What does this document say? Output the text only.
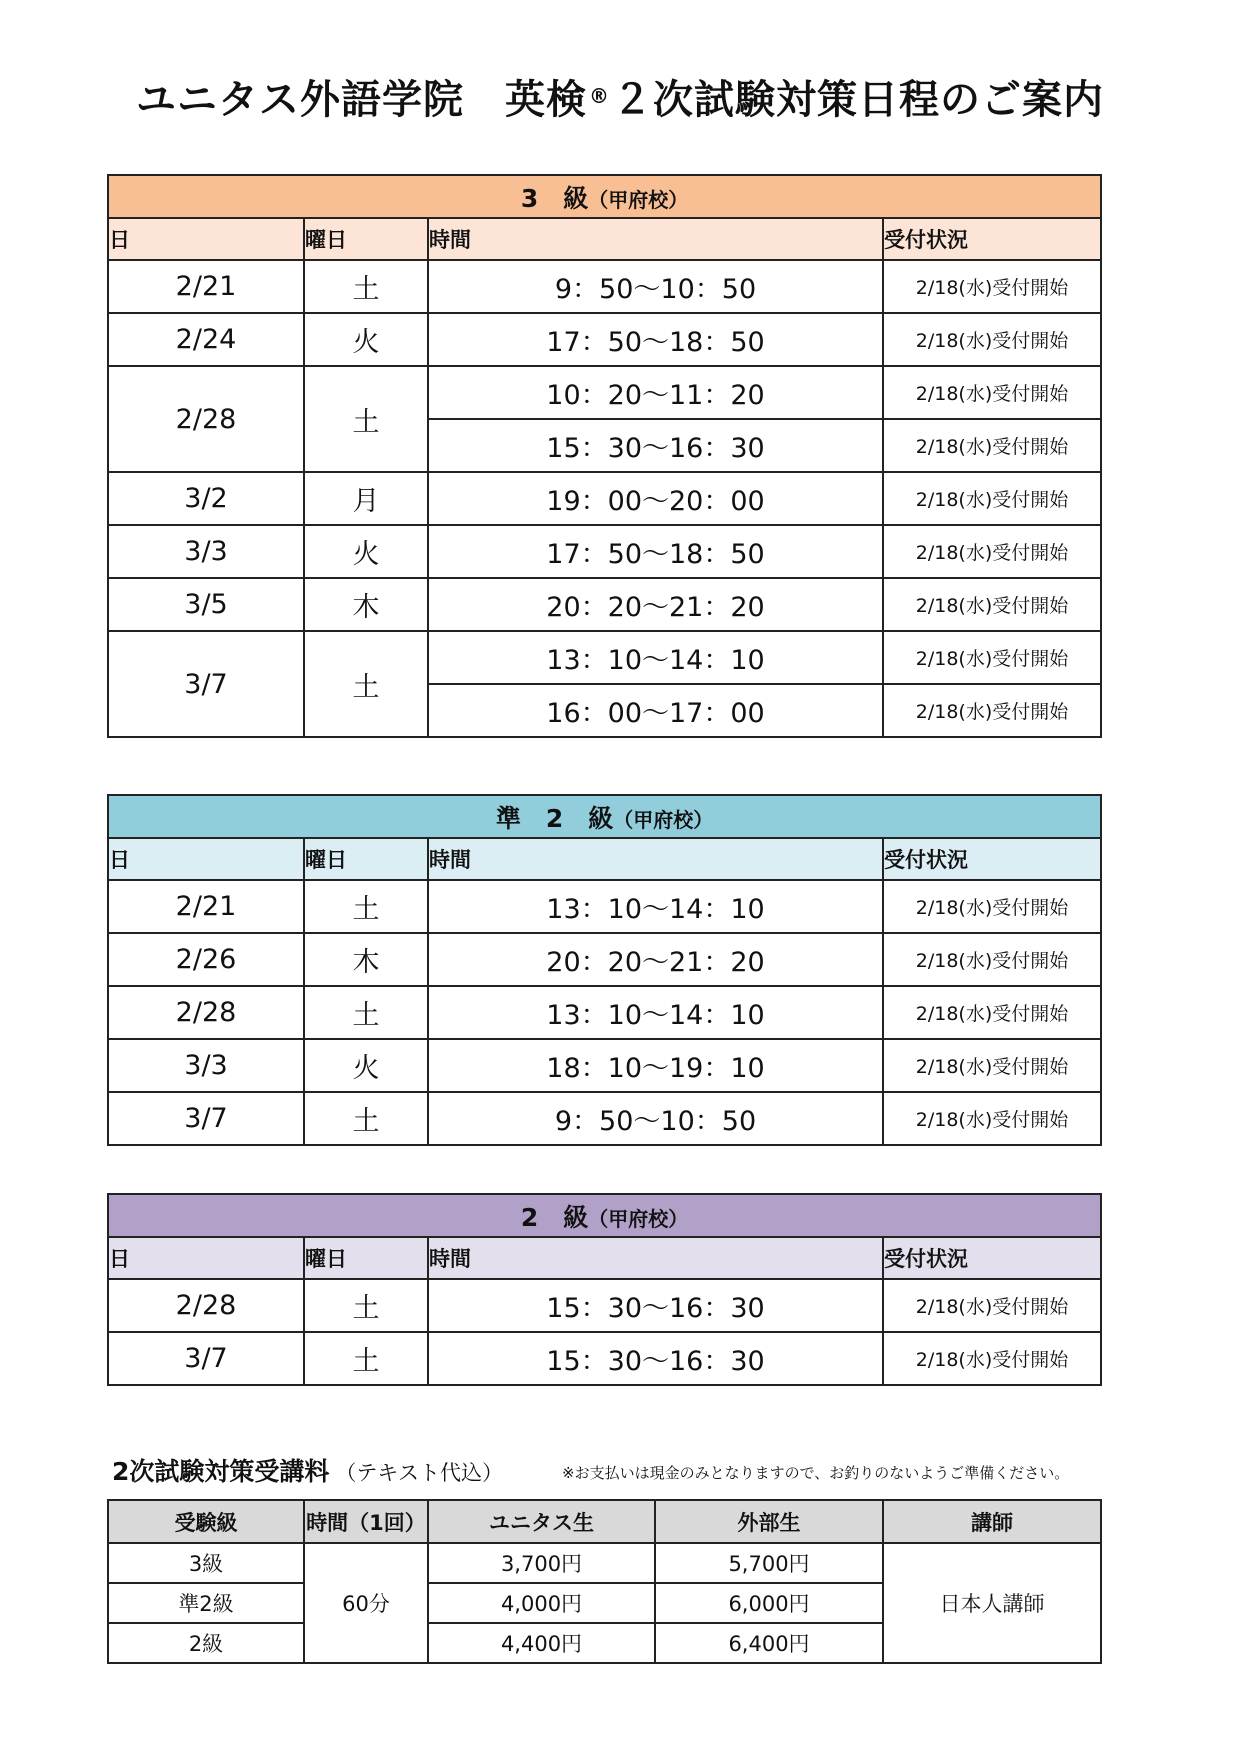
ユニタス外語学院　英検 ®２次試験対策日程のご案内
3　級（甲府校）			
日	曜日	時間	受付状況
2/21	土	9：50〜10：50	2/18(水)受付開始
2/24	火	17：50〜18：50	2/18(水)受付開始
2/28	土	10：20〜11：20	2/18(水)受付開始
		15：30〜16：30	2/18(水)受付開始
3/2	月	19：00〜20：00	2/18(水)受付開始
3/3	火	17：50〜18：50	2/18(水)受付開始
3/5	木	20：20〜21：20	2/18(水)受付開始
3/7	土	13：10〜14：10	2/18(水)受付開始
		16：00〜17：00	2/18(水)受付開始
準　2　級（甲府校）			
日	曜日	時間	受付状況
2/21	土	13：10〜14：10	2/18(水)受付開始
2/26	木	20：20〜21：20	2/18(水)受付開始
2/28	土	13：10〜14：10	2/18(水)受付開始
3/3	火	18：10〜19：10	2/18(水)受付開始
3/7	土	9：50〜10：50	2/18(水)受付開始
2　級（甲府校）			
日	曜日	時間	受付状況
2/28	土	15：30〜16：30	2/18(水)受付開始
3/7	土	15：30〜16：30	2/18(水)受付開始
2次試験対策受講料 （テキスト代込）	※お支払いは現金のみとなりますので、お釣りのないようご準備ください。
受験級	時間（1回）	ユニタス生	外部生	講師
3級	60分	3,700円	5,700円	日本人講師
準2級		4,000円	6,000円	
2級		4,400円	6,400円	
